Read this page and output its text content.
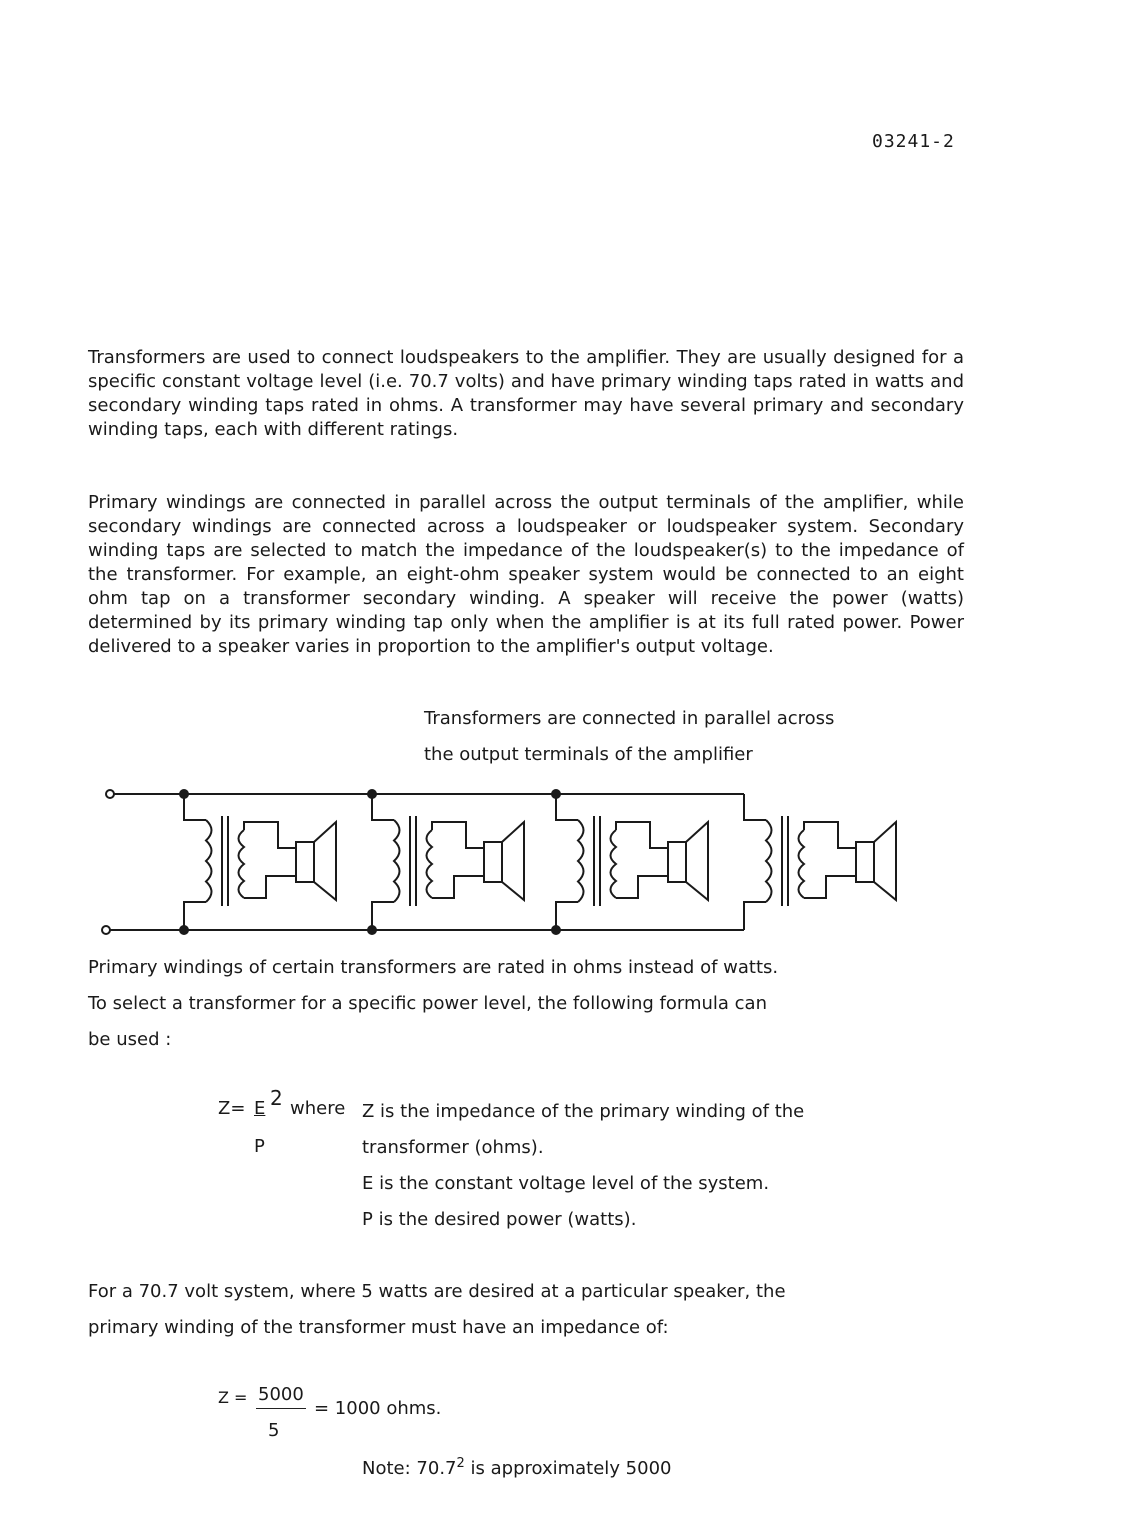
03241-2
Transformers are used to connect loudspeakers to the amplifier. They are usually designed for a specific constant voltage level (i.e. 70.7 volts) and have primary winding taps rated in watts and secondary winding taps rated in ohms. A transformer may have several primary and secondary winding taps, each with different ratings.
Primary windings are connected in parallel across the output terminals of the amplifier, while secondary windings are connected across a loudspeaker or loudspeaker system. Secondary winding taps are selected to match the impedance of the loudspeaker(s) to the impedance of the transformer. For example, an eight-ohm speaker system would be connected to an eight ohm tap on a transformer secondary winding. A speaker will receive the power (watts) determined by its primary winding tap only when the amplifier is at its full rated power. Power delivered to a speaker varies in proportion to the amplifier's output voltage.
Transformers are connected in parallel across
the output terminals of the amplifier
Primary windings of certain transformers are rated in ohms instead of watts.
To select a transformer for a specific power level, the following formula can
be used :
Z= E 2 where
P
Z is the impedance of the primary winding of the
transformer (ohms).
E is the constant voltage level of the system.
P is the desired power (watts).
For a 70.7 volt system, where 5 watts are desired at a particular speaker, the
primary winding of the transformer must have an impedance of:
Z = 5000
= 1000 ohms.
5
Note: 70.7$^2$ is approximately 5000
